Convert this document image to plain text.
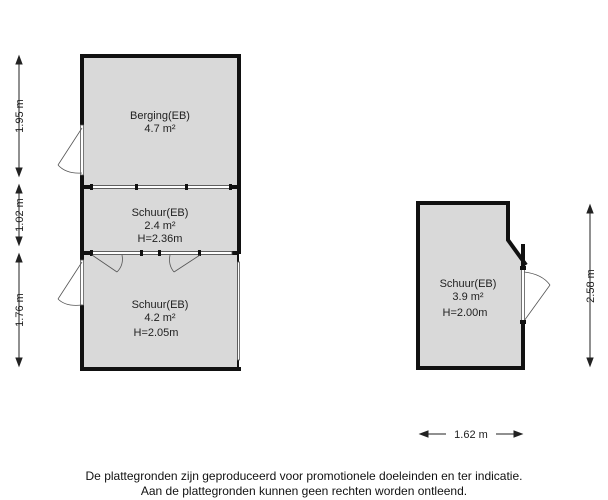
Berging(EB)
4.7 m²
Schuur(EB)
2.4 m²
H=2.36m
Schuur(EB)
4.2 m²
H=2.05m
Schuur(EB)
3.9 m²
H=2.00m
1.95 m
1.02 m
1.76 m
2.58 m
1.62 m
De plattegronden zijn geproduceerd voor promotionele doeleinden en ter indicatie.
Aan de plattegronden kunnen geen rechten worden ontleend.
